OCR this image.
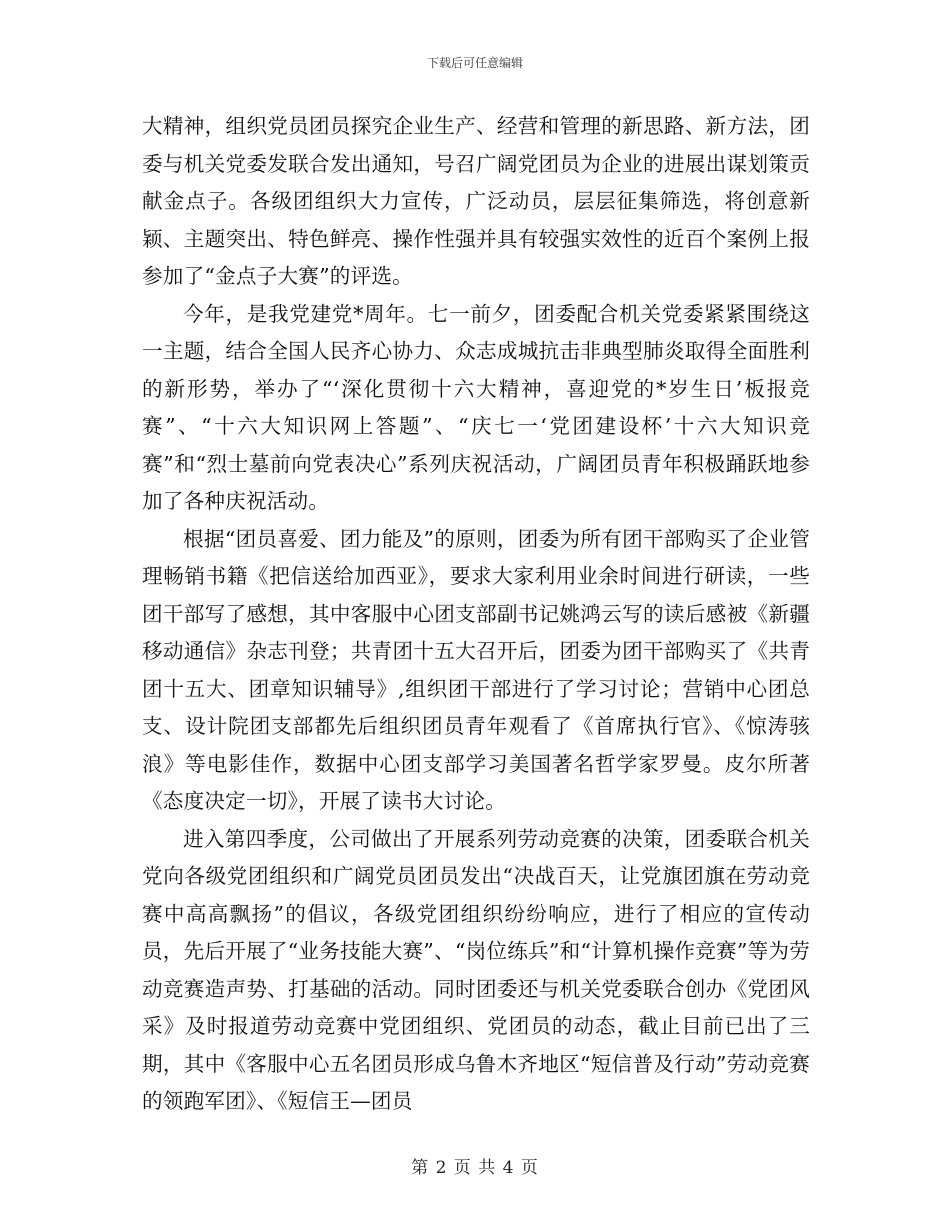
下载后可任意编辑

大精神，组织党员团员探究企业生产、经营和管理的新思路、新方法，团委与机关党委发联合发出通知，号召广阔党团员为企业的进展出谋划策贡献金点子。各级团组织大力宣传，广泛动员，层层征集筛选，将创意新颖、主题突出、特色鲜亮、操作性强并具有较强实效性的近百个案例上报参加了“金点子大赛”的评选。

今年，是我党建党*周年。七一前夕，团委配合机关党委紧紧围绕这一主题，结合全国人民齐心协力、众志成城抗击非典型肺炎取得全面胜利的新形势，举办了“‘深化贯彻十六大精神，喜迎党的*岁生日’板报竞赛”、“十六大知识网上答题”、“庆七一‘党团建设杯’十六大知识竞赛”和“烈士墓前向党表决心”系列庆祝活动，广阔团员青年积极踊跃地参加了各种庆祝活动。

根据“团员喜爱、团力能及”的原则，团委为所有团干部购买了企业管理畅销书籍《把信送给加西亚》，要求大家利用业余时间进行研读，一些团干部写了感想，其中客服中心团支部副书记姚鸿云写的读后感被《新疆移动通信》杂志刊登；共青团十五大召开后，团委为团干部购买了《共青团十五大、团章知识辅导》,组织团干部进行了学习讨论；营销中心团总支、设计院团支部都先后组织团员青年观看了《首席执行官》、《惊涛骇浪》等电影佳作，数据中心团支部学习美国著名哲学家罗曼。皮尔所著《态度决定一切》，开展了读书大讨论。

进入第四季度，公司做出了开展系列劳动竞赛的决策，团委联合机关党向各级党团组织和广阔党员团员发出“决战百天，让党旗团旗在劳动竞赛中高高飘扬”的倡议，各级党团组织纷纷响应，进行了相应的宣传动员，先后开展了“业务技能大赛”、“岗位练兵”和“计算机操作竞赛”等为劳动竞赛造声势、打基础的活动。同时团委还与机关党委联合创办《党团风采》及时报道劳动竞赛中党团组织、党团员的动态，截止目前已出了三期，其中《客服中心五名团员形成乌鲁木齐地区“短信普及行动”劳动竞赛的领跑军团》、《短信王—团员

第 2 页 共 4 页
